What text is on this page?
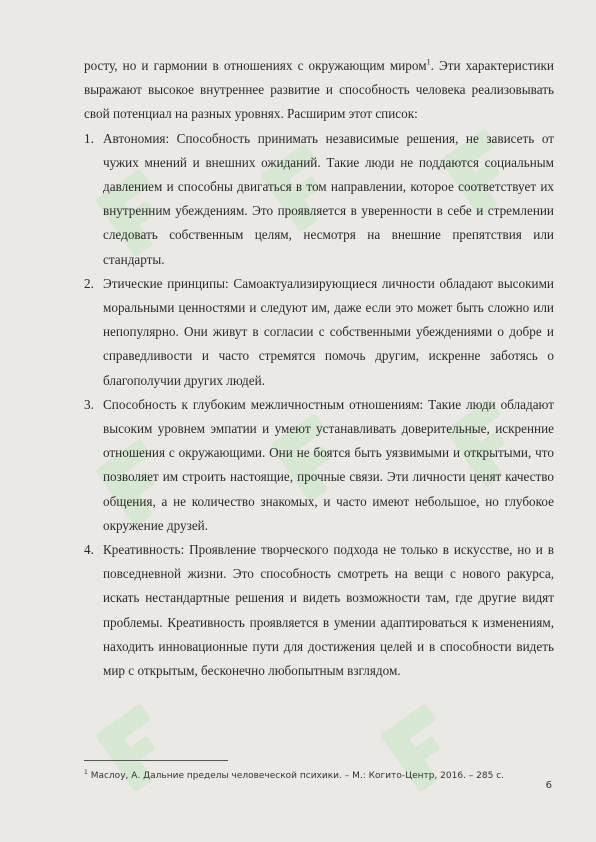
росту, но и гармонии в отношениях с окружающим миром$^1$. Эти характеристики выражают высокое внутреннее развитие и способность человека реализовывать свой потенциал на разных уровнях. Расширим этот список:

1. Автономия: Способность принимать независимые решения, не зависеть от чужих мнений и внешних ожиданий. Такие люди не поддаются социальным давлением и способны двигаться в том направлении, которое соответствует их внутренним убеждениям. Это проявляется в уверенности в себе и стремлении следовать собственным целям, несмотря на внешние препятствия или стандарты.
2. Этические принципы: Самоактуализирующиеся личности обладают высокими моральными ценностями и следуют им, даже если это может быть сложно или непопулярно. Они живут в согласии с собственными убеждениями о добре и справедливости и часто стремятся помочь другим, искренне заботясь о благополучии других людей.
3. Способность к глубоким межличностным отношениям: Такие люди обладают высоким уровнем эмпатии и умеют устанавливать доверительные, искренние отношения с окружающими. Они не боятся быть уязвимыми и открытыми, что позволяет им строить настоящие, прочные связи. Эти личности ценят качество общения, а не количество знакомых, и часто имеют небольшое, но глубокое окружение друзей.
4. Креативность: Проявление творческого подхода не только в искусстве, но и в повседневной жизни. Это способность смотреть на вещи с нового ракурса, искать нестандартные решения и видеть возможности там, где другие видят проблемы. Креативность проявляется в умении адаптироваться к изменениям, находить инновационные пути для достижения целей и в способности видеть мир с открытым, бесконечно любопытным взглядом.
$^1$ Маслоу, А. Дальние пределы человеческой психики. – М.: Когито-Центр, 2016. – 285 с.
6
